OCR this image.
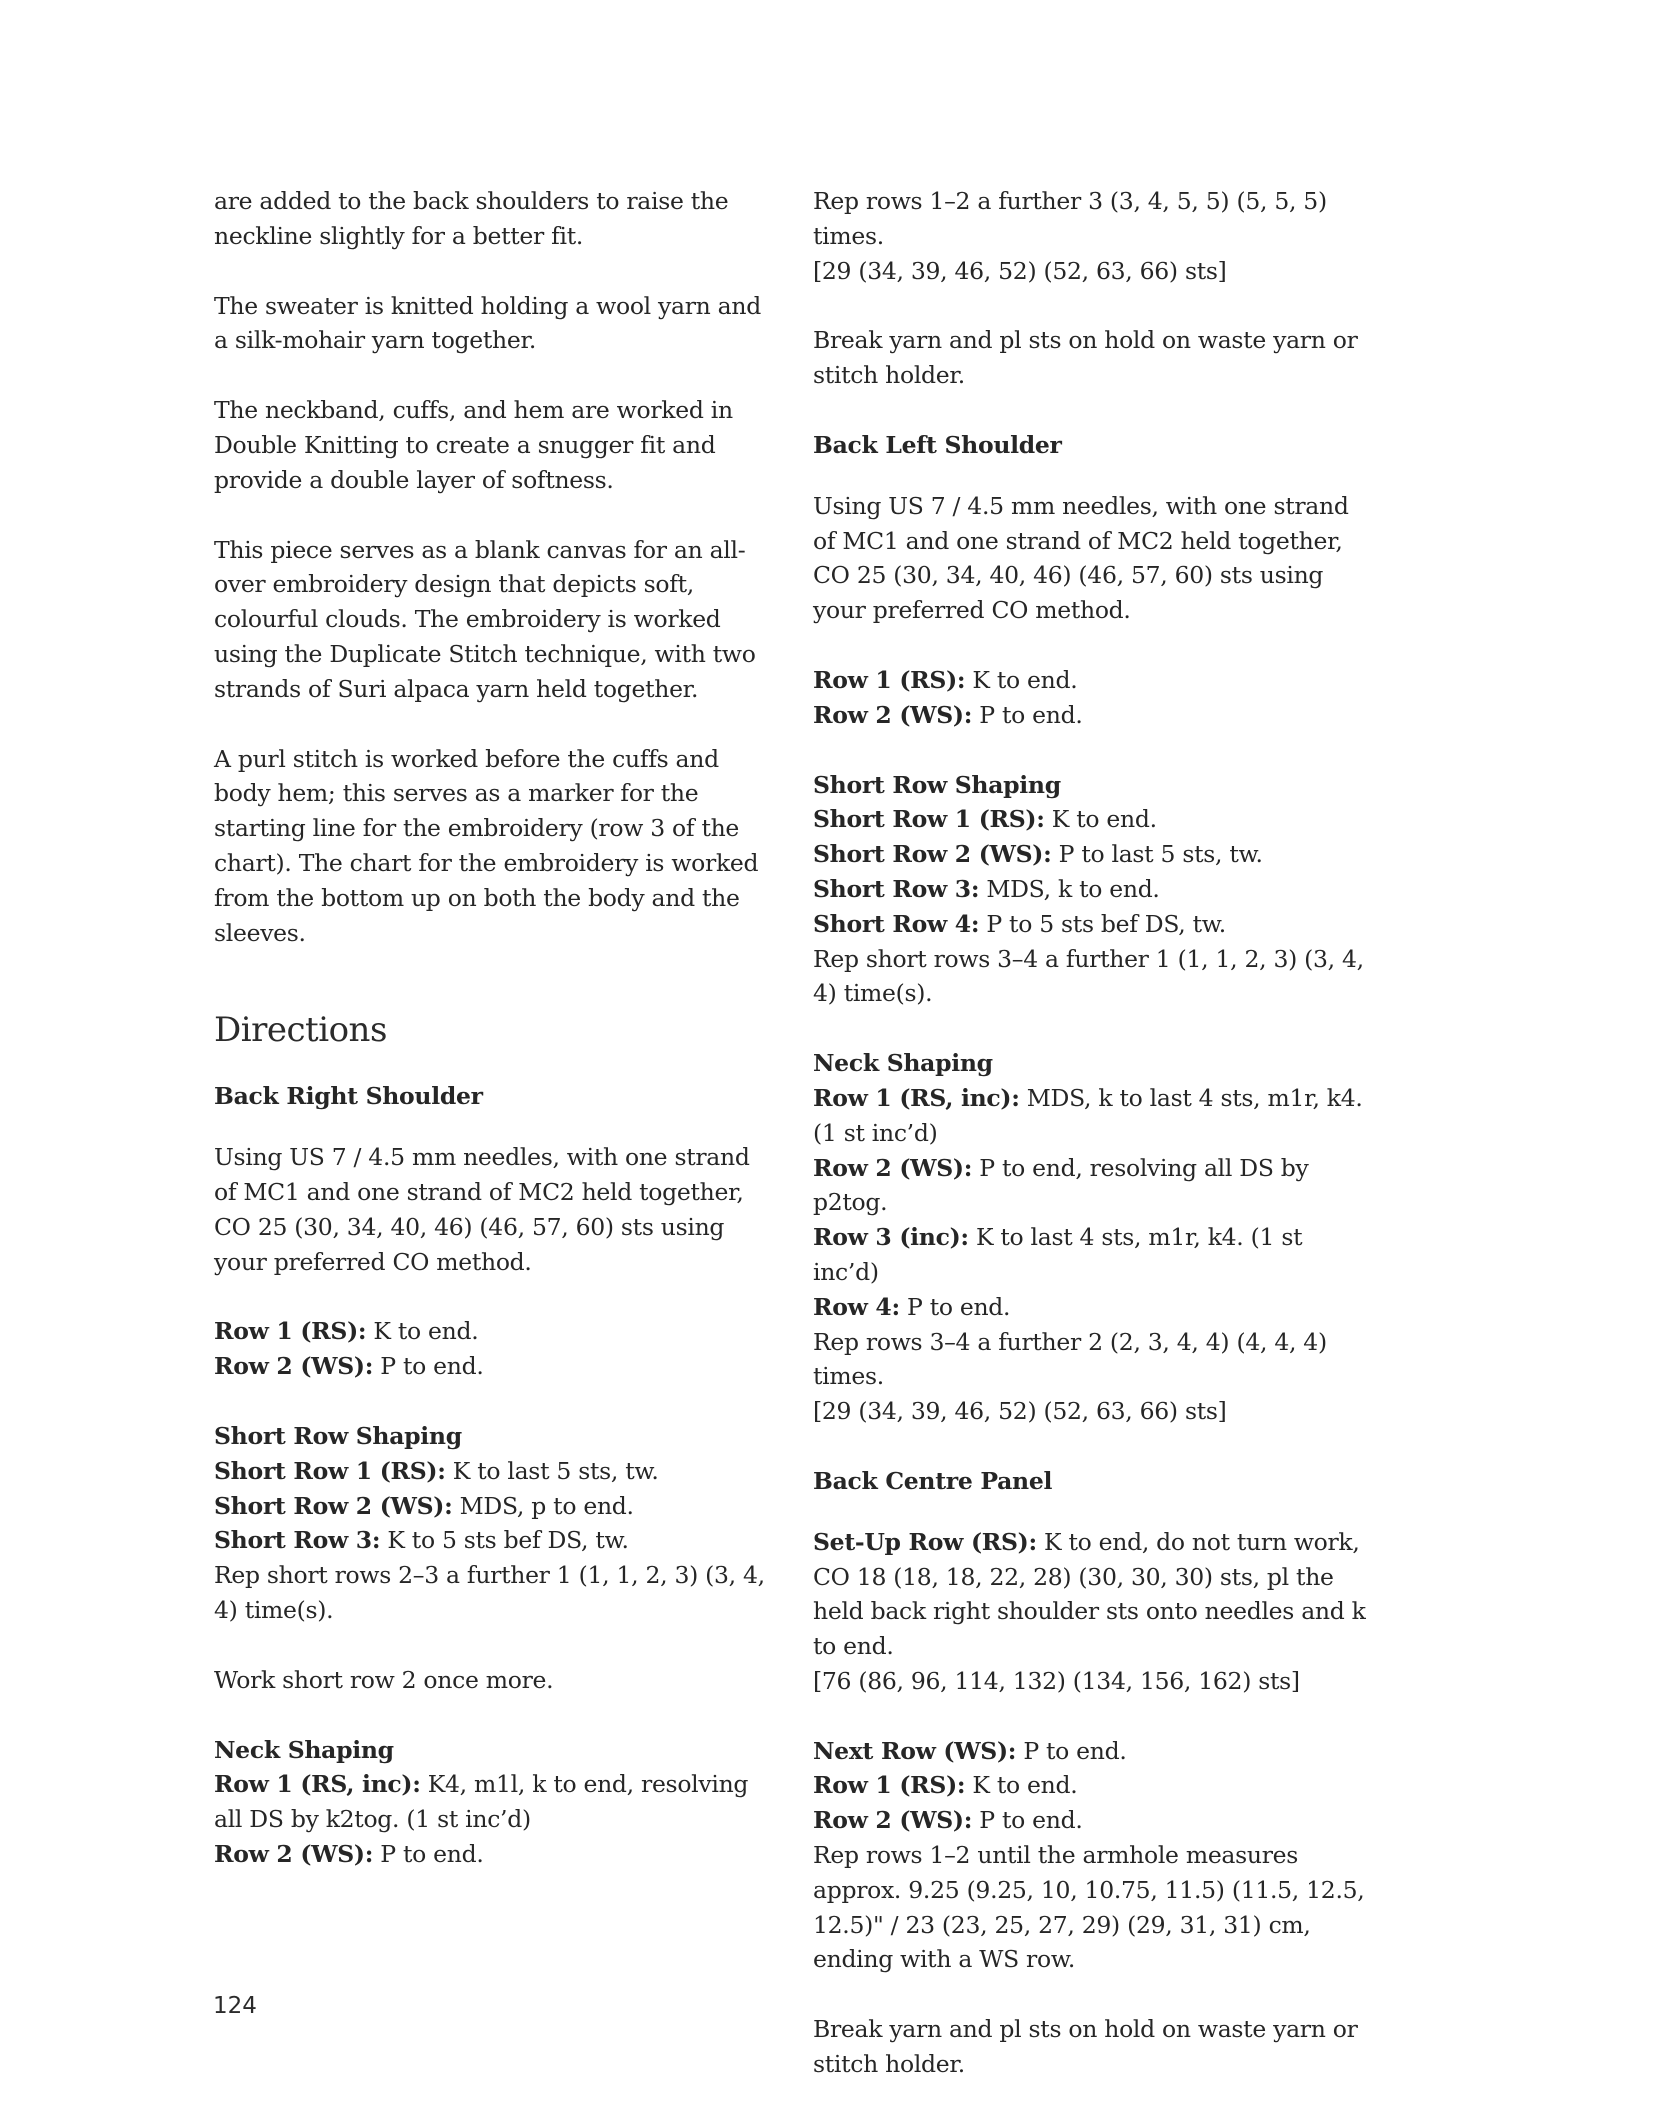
are added to the back shoulders to raise the neckline slightly for a better fit.

The sweater is knitted holding a wool yarn and a silk-mohair yarn together.

The neckband, cuffs, and hem are worked in Double Knitting to create a snugger fit and provide a double layer of softness.

This piece serves as a blank canvas for an all-over embroidery design that depicts soft, colourful clouds. The embroidery is worked using the Duplicate Stitch technique, with two strands of Suri alpaca yarn held together.

A purl stitch is worked before the cuffs and body hem; this serves as a marker for the starting line for the embroidery (row 3 of the chart). The chart for the embroidery is worked from the bottom up on both the body and the sleeves.

Directions
Back Right Shoulder

Using US 7 / 4.5 mm needles, with one strand of MC1 and one strand of MC2 held together, CO 25 (30, 34, 40, 46) (46, 57, 60) sts using your preferred CO method.

Row 1 (RS): K to end.
Row 2 (WS): P to end.
Short Row Shaping
Short Row 1 (RS): K to last 5 sts, tw.
Short Row 2 (WS): MDS, p to end.
Short Row 3: K to 5 sts bef DS, tw.
Rep short rows 2–3 a further 1 (1, 1, 2, 3) (3, 4, 4) time(s).

Work short row 2 once more.

Neck Shaping
Row 1 (RS, inc): K4, m1l, k to end, resolving all DS by k2tog. (1 st inc’d)
Row 2 (WS): P to end.
Rep rows 1–2 a further 3 (3, 4, 5, 5) (5, 5, 5) times.
[29 (34, 39, 46, 52) (52, 63, 66) sts]

Break yarn and pl sts on hold on waste yarn or stitch holder.

Back Left Shoulder

Using US 7 / 4.5 mm needles, with one strand of MC1 and one strand of MC2 held together, CO 25 (30, 34, 40, 46) (46, 57, 60) sts using your preferred CO method.

Row 1 (RS): K to end.
Row 2 (WS): P to end.
Short Row Shaping
Short Row 1 (RS): K to end.
Short Row 2 (WS): P to last 5 sts, tw.
Short Row 3: MDS, k to end.
Short Row 4: P to 5 sts bef DS, tw.
Rep short rows 3–4 a further 1 (1, 1, 2, 3) (3, 4, 4) time(s).
Neck Shaping
Row 1 (RS, inc): MDS, k to last 4 sts, m1r, k4. (1 st inc’d)
Row 2 (WS): P to end, resolving all DS by p2tog.
Row 3 (inc): K to last 4 sts, m1r, k4. (1 st inc’d)
Row 4: P to end.
Rep rows 3–4 a further 2 (2, 3, 4, 4) (4, 4, 4) times.
[29 (34, 39, 46, 52) (52, 63, 66) sts]
Back Centre Panel
Set-Up Row (RS): K to end, do not turn work, CO 18 (18, 18, 22, 28) (30, 30, 30) sts, pl the held back right shoulder sts onto needles and k to end.
[76 (86, 96, 114, 132) (134, 156, 162) sts]
Next Row (WS): P to end.
Row 1 (RS): K to end.
Row 2 (WS): P to end.
Rep rows 1–2 until the armhole measures approx. 9.25 (9.25, 10, 10.75, 11.5) (11.5, 12.5, 12.5)" / 23 (23, 25, 27, 29) (29, 31, 31) cm, ending with a WS row.

Break yarn and pl sts on hold on waste yarn or stitch holder.

124
